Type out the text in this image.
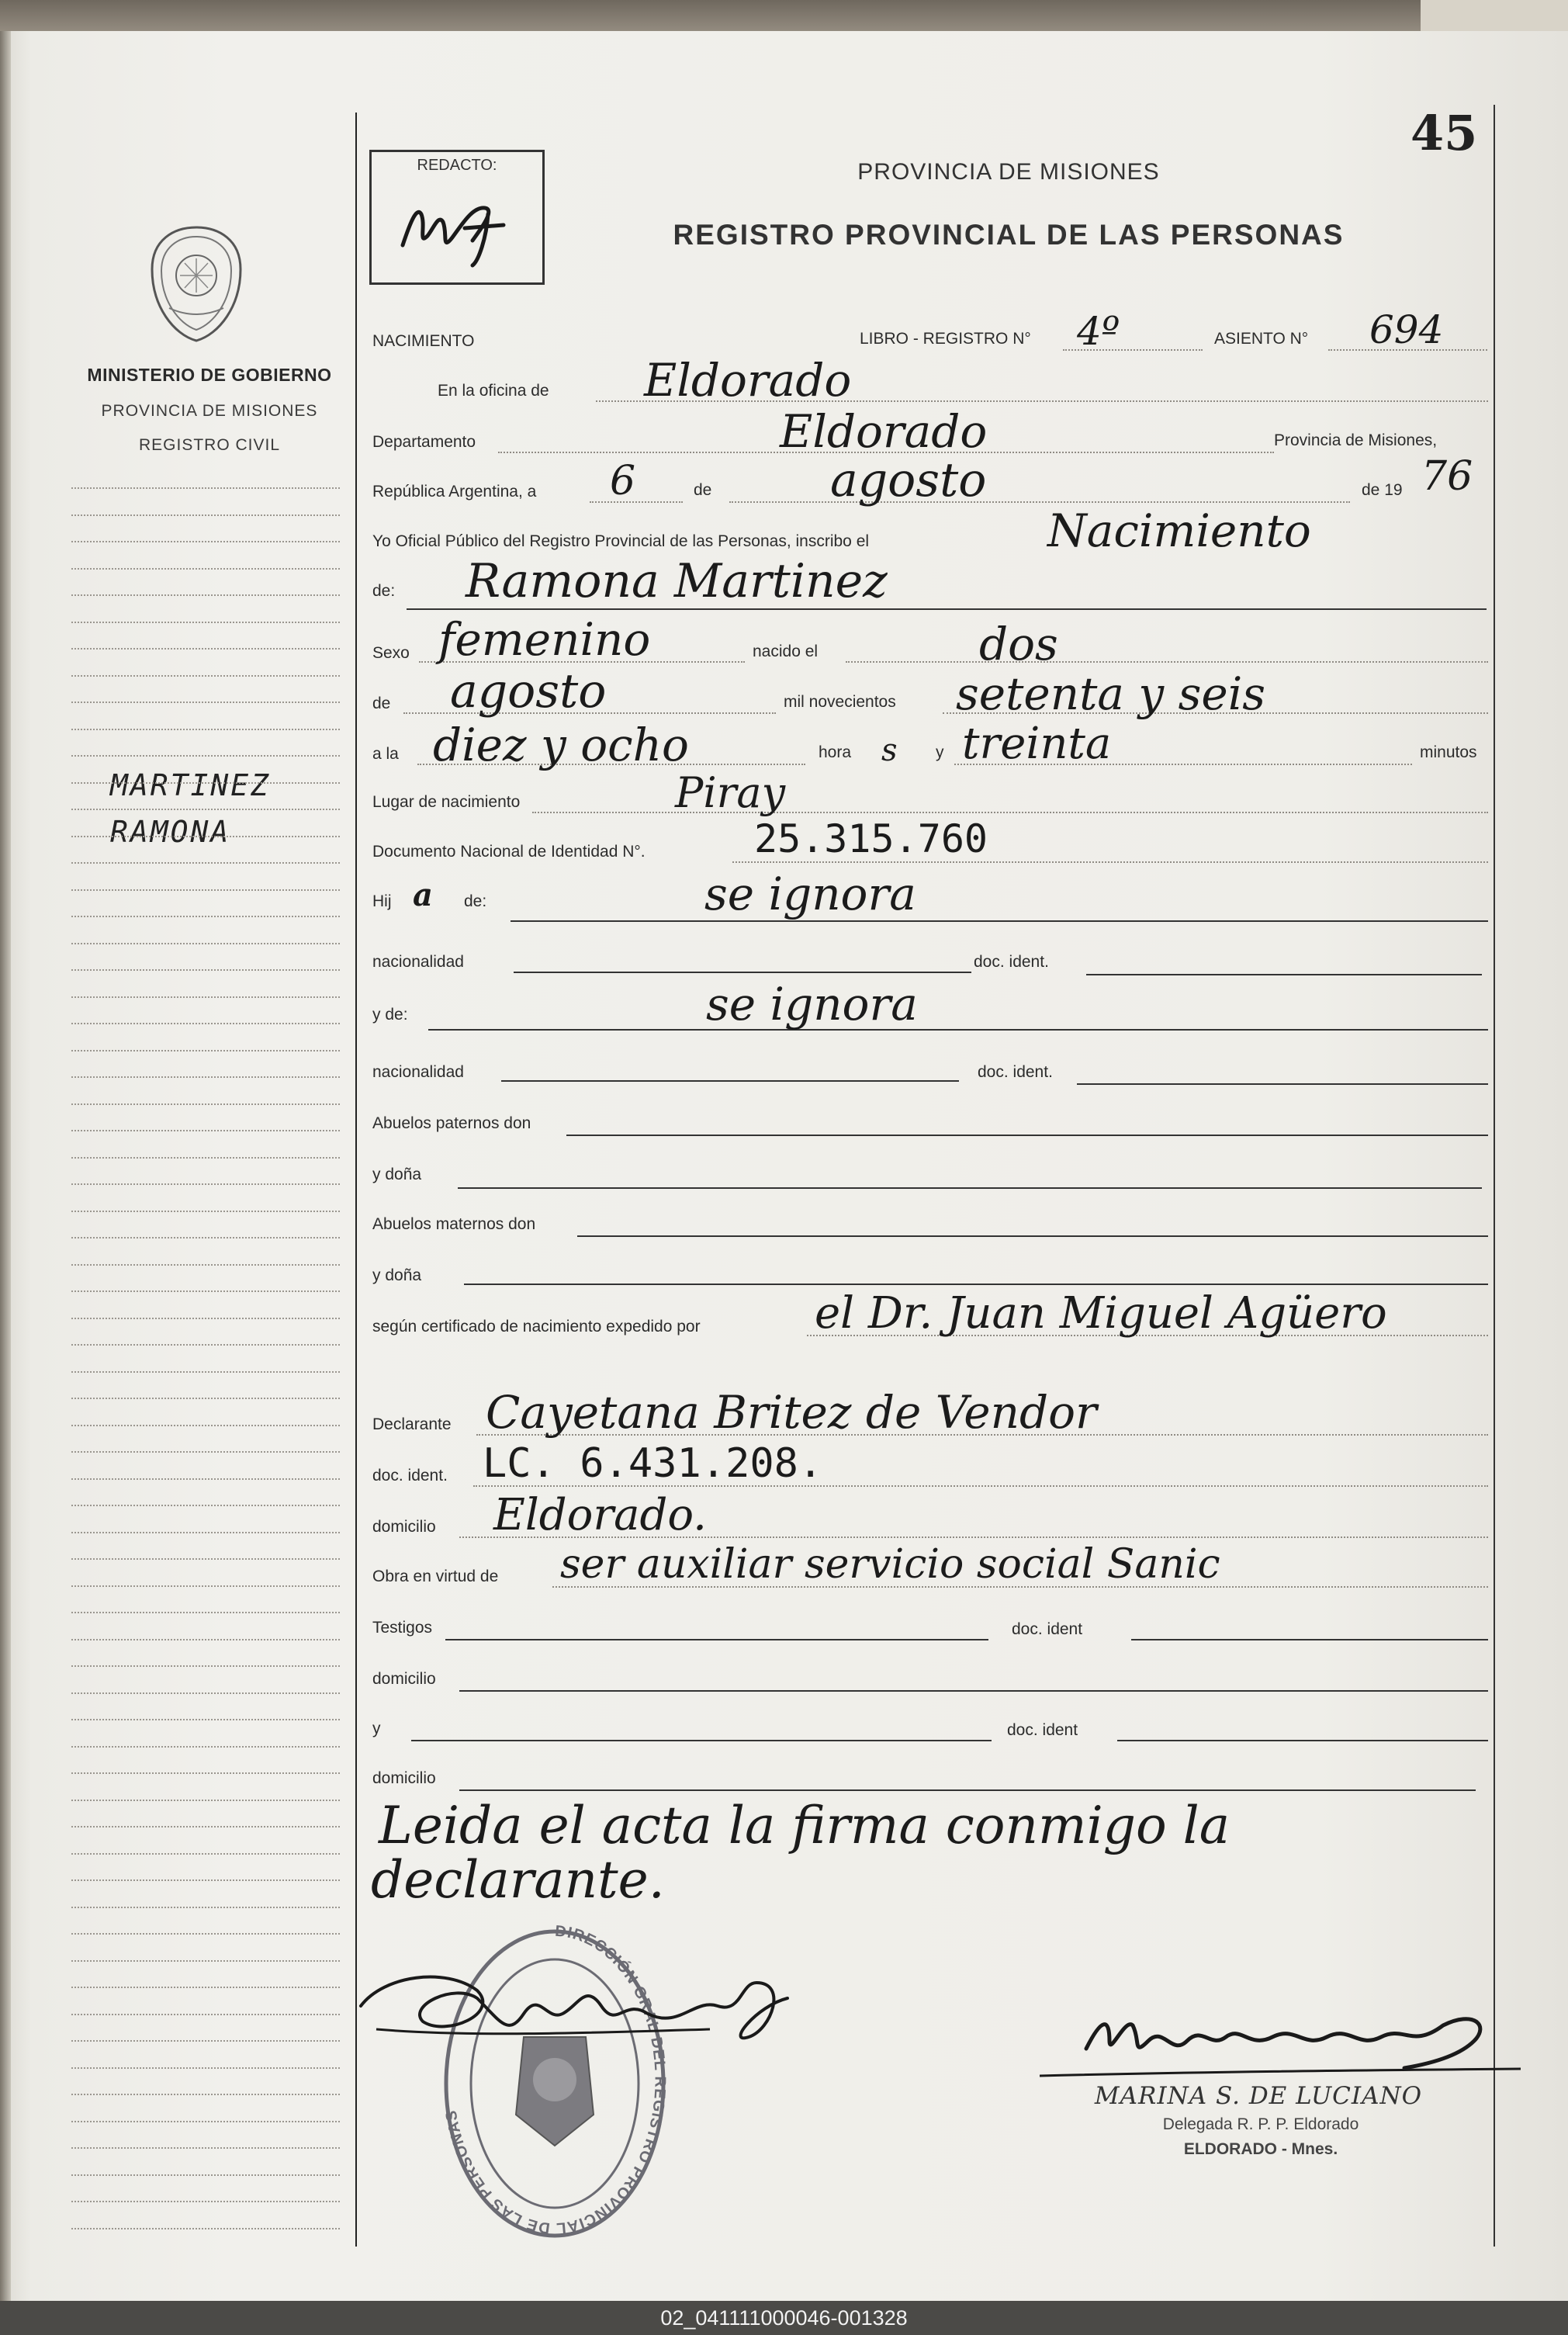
MINISTERIO DE GOBIERNO
PROVINCIA DE MISIONES
REGISTRO CIVIL
MARTINEZ
RAMONA
REDACTO:
45
PROVINCIA DE MISIONES
REGISTRO PROVINCIAL DE LAS PERSONAS
NACIMIENTO	LIBRO - REGISTRO N° 4º	ASIENTO N° 694
En la oficina de Eldorado
Departamento	Eldorado	Provincia de Misiones,
República Argentina, a 6	de	agosto	de 19 76
Yo Oficial Público del Registro Provincial de las Personas, inscribo el	Nacimiento
de: Ramona Martinez
Sexo femenino	nacido el	dos
de agosto	mil novecientos setenta y seis
a la diez y ocho	hora s y treinta	minutos
Lugar de nacimiento	Piray
Documento Nacional de Identidad N°.	25.315.760
Hij a de:	se ignora
nacionalidad	doc. ident.
y de:	se ignora
nacionalidad	doc. ident.
Abuelos paternos don
y doña
Abuelos maternos don
y doña
según certificado de nacimiento expedido por	el Dr. Juan Miguel Agüero
Declarante Cayetana Britez de Vendor
doc. ident. LC. 6.431.208.
domicilio Eldorado.
Obra en virtud de ser auxiliar servicio social Sanic
Testigos	doc. ident
domicilio
y	doc. ident
domicilio
Leida el acta la firma conmigo la
declarante.
DIRECCIÓN GRAL DEL REGISTRO PROVINCIAL DE LAS PERSONAS
MARINA S. DE LUCIANO
Delegada R. P. P. Eldorado
ELDORADO - Mnes.
02_041111000046-001328
